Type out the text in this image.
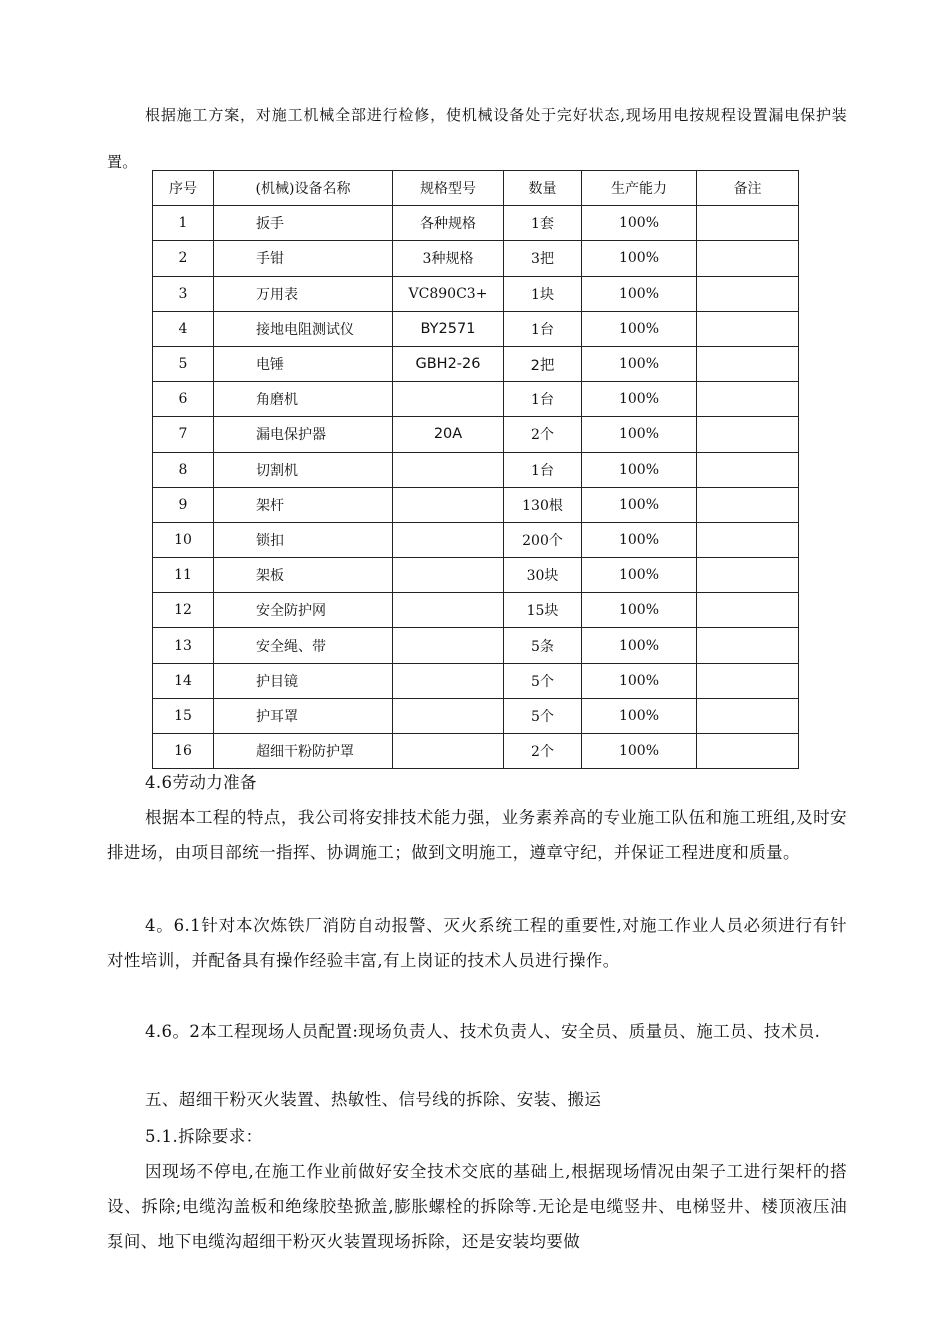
根据施工方案，对施工机械全部进行检修，使机械设备处于完好状态,现场用电按规程设置漏电保护装置。

序号	(机械)设备名称	规格型号	数量	生产能力	备注
1	扳手	各种规格	1套	100%	
2	手钳	3种规格	3把	100%	
3	万用表	VC890C3+	1块	100%	
4	接地电阻测试仪	BY2571	1台	100%	
5	电锤	GBH2-26	2把	100%	
6	角磨机		1台	100%	
7	漏电保护器	20A	2个	100%	
8	切割机		1台	100%	
9	架杆		130根	100%	
10	锁扣		200个	100%	
11	架板		30块	100%	
12	安全防护网		15块	100%	
13	安全绳、带		5条	100%	
14	护目镜		5个	100%	
15	护耳罩		5个	100%	
16	超细干粉防护罩		2个	100%	

4.6劳动力准备

根据本工程的特点，我公司将安排技术能力强，业务素养高的专业施工队伍和施工班组,及时安排进场，由项目部统一指挥、协调施工；做到文明施工，遵章守纪，并保证工程进度和质量。

4。6.1针对本次炼铁厂消防自动报警、灭火系统工程的重要性,对施工作业人员必须进行有针对性培训，并配备具有操作经验丰富,有上岗证的技术人员进行操作。

4.6。2本工程现场人员配置:现场负责人、技术负责人、安全员、质量员、施工员、技术员.

五、超细干粉灭火装置、热敏性、信号线的拆除、安装、搬运

5.1.拆除要求：

因现场不停电,在施工作业前做好安全技术交底的基础上,根据现场情况由架子工进行架杆的搭设、拆除;电缆沟盖板和绝缘胶垫掀盖,膨胀螺栓的拆除等.无论是电缆竖井、电梯竖井、楼顶液压油泵间、地下电缆沟超细干粉灭火装置现场拆除，还是安装均要做
